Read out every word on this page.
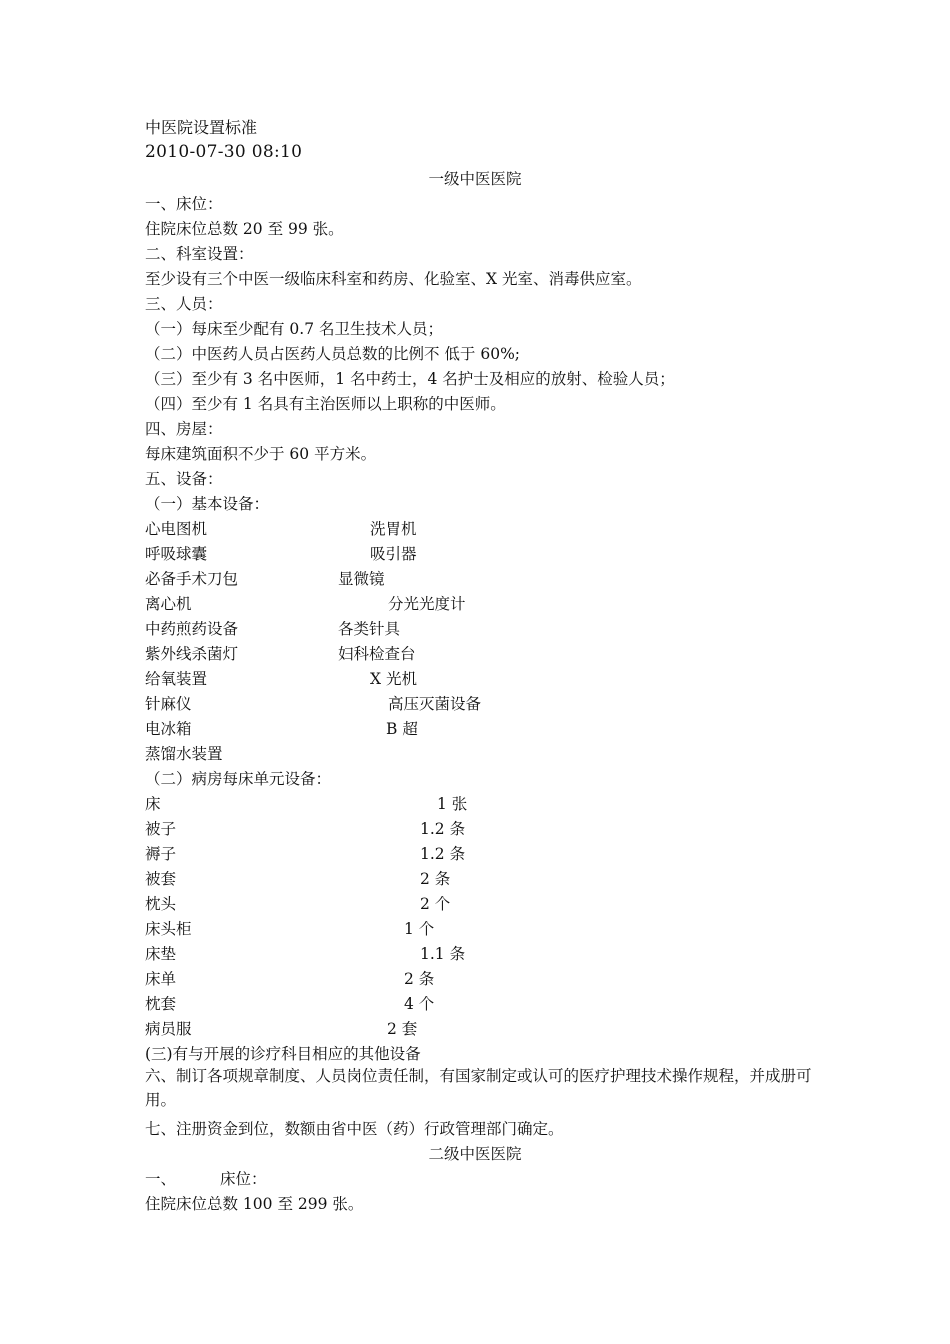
中医院设置标准
2010-07-30 08:10
一级中医医院
一、床位：
住院床位总数 20 至 99 张。
二、科室设置：
至少设有三个中医一级临床科室和药房、化验室、X 光室、消毒供应室。
三、人员：
（一）每床至少配有 0.7 名卫生技术人员；
（二）中医药人员占医药人员总数的比例不 低于 60%;
（三）至少有 3 名中医师，1 名中药士，4 名护士及相应的放射、检验人员；
（四）至少有 1 名具有主治医师以上职称的中医师。
四、房屋：
每床建筑面积不少于 60 平方米。
五、设备：
（一）基本设备：
心电图机	洗胃机
呼吸球囊	吸引器
必备手术刀包	显微镜
离心机	分光光度计
中药煎药设备	各类针具
紫外线杀菌灯	妇科检查台
给氧装置	X 光机
针麻仪	高压灭菌设备
电冰箱	B 超
蒸馏水装置
（二）病房每床单元设备：
床	1 张
被子	1.2 条
褥子	1.2 条
被套	2 条
枕头	2 个
床头柜	1 个
床垫	1.1 条
床单	2 条
枕套	4 个
病员服	2 套
(三)有与开展的诊疗科目相应的其他设备
六、制订各项规章制度、人员岗位责任制，有国家制定或认可的医疗护理技术操作规程，并成册可用。
七、注册资金到位，数额由省中医（药）行政管理部门确定。
二级中医医院
一、	床位：
住院床位总数 100 至 299 张。
